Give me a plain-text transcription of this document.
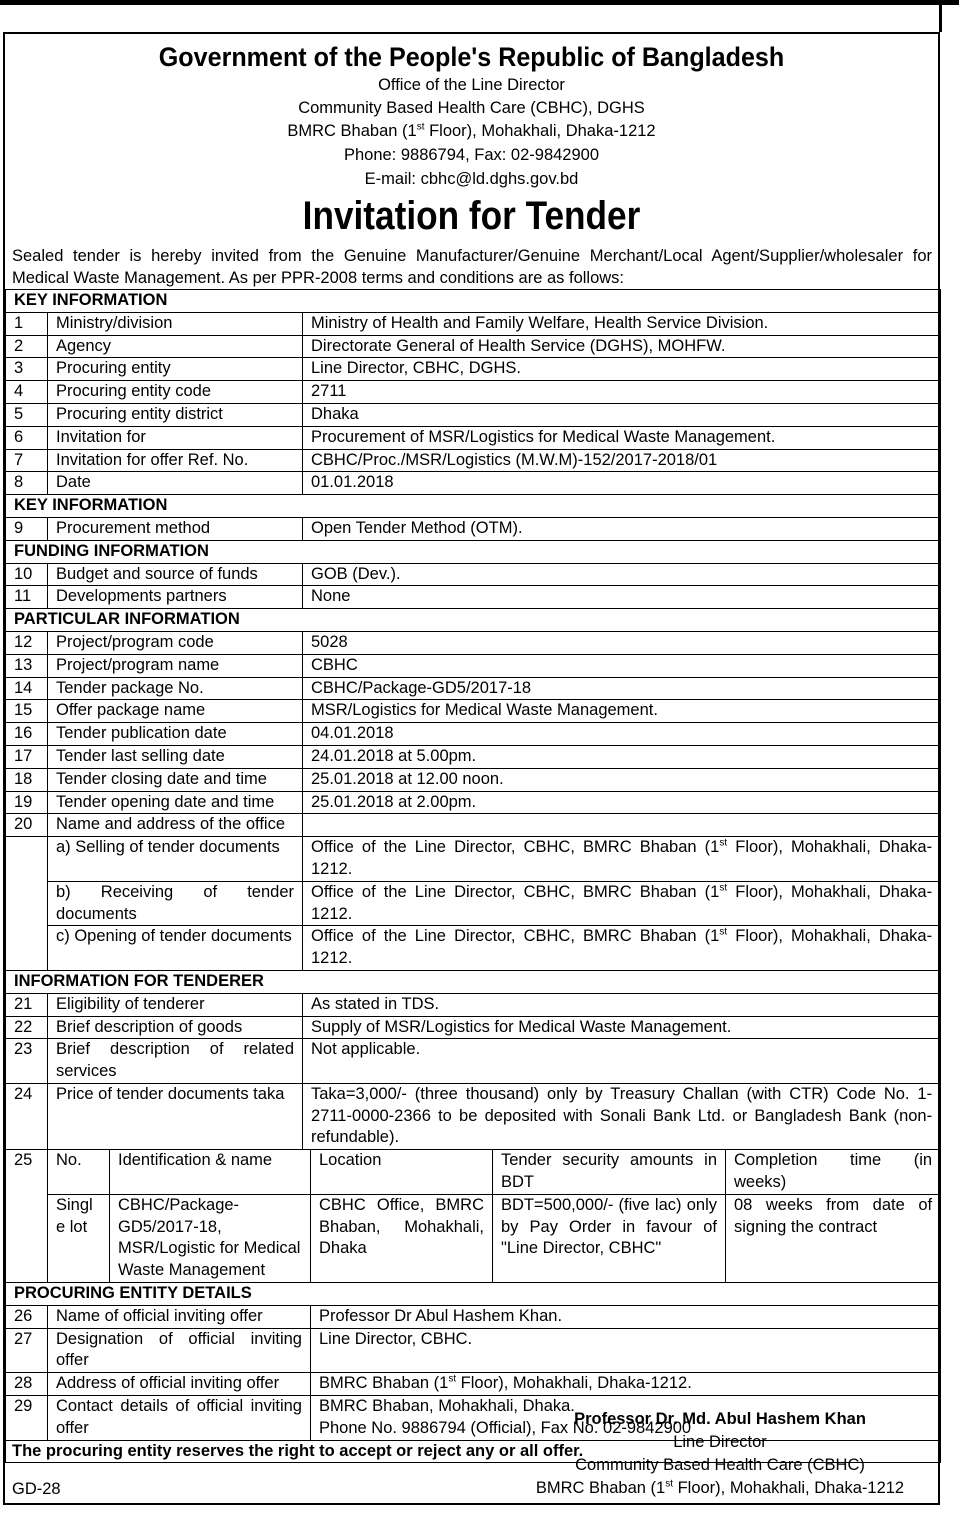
Government of the People's Republic of Bangladesh
Office of the Line Director
Community Based Health Care (CBHC), DGHS
BMRC Bhaban (1st Floor), Mohakhali, Dhaka-1212
Phone: 9886794, Fax: 02-9842900
E-mail: cbhc@ld.dghs.gov.bd
Invitation for Tender
Sealed tender is hereby invited from the Genuine Manufacturer/Genuine Merchant/Local Agent/Supplier/wholesaler for Medical Waste Management. As per PPR-2008 terms and conditions are as follows:
KEY INFORMATION						
1	Ministry/division		Ministry of Health and Family Welfare, Health Service Division.			
2	Agency		Directorate General of Health Service (DGHS), MOHFW.			
3	Procuring entity		Line Director, CBHC, DGHS.			
4	Procuring entity code		2711			
5	Procuring entity district		Dhaka			
6	Invitation for		Procurement of MSR/Logistics for Medical Waste Management.			
7	Invitation for offer Ref. No.		CBHC/Proc./MSR/Logistics (M.W.M)-152/2017-2018/01			
8	Date		01.01.2018			
KEY INFORMATION						
9	Procurement method		Open Tender Method (OTM).			
FUNDING INFORMATION						
10	Budget and source of funds		GOB (Dev.).			
11	Developments partners		None			
PARTICULAR INFORMATION						
12	Project/program code		5028			
13	Project/program name		CBHC			
14	Tender package No.		CBHC/Package-GD5/2017-18			
15	Offer package name		MSR/Logistics for Medical Waste Management.			
16	Tender publication date		04.01.2018			
17	Tender last selling date		24.01.2018 at 5.00pm.			
18	Tender closing date and time		25.01.2018 at 12.00 noon.			
19	Tender opening date and time		25.01.2018 at 2.00pm.			
20	Name and address of the office					
	a) Selling of tender documents		Office of the Line Director, CBHC, BMRC Bhaban (1st Floor), Mohakhali, Dhaka-1212.			
	b) Receiving of tender documents		Office of the Line Director, CBHC, BMRC Bhaban (1st Floor), Mohakhali, Dhaka-1212.			
	c) Opening of tender documents		Office of the Line Director, CBHC, BMRC Bhaban (1st Floor), Mohakhali, Dhaka-1212.			
INFORMATION FOR TENDERER						
21	Eligibility of tenderer		As stated in TDS.			
22	Brief description of goods		Supply of MSR/Logistics for Medical Waste Management.			
23	Brief description of related services		Not applicable.			
24	Price of tender documents taka		Taka=3,000/- (three thousand) only by Treasury Challan (with CTR) Code No. 1-2711-0000-2366 to be deposited with Sonali Bank Ltd. or Bangladesh Bank (non-refundable).			
25	No.	Identification & name		Location	Tender security amounts in BDT	Completion time (in weeks)
	Single lot	CBHC/Package-GD5/2017-18, MSR/Logistic for Medical Waste Management		CBHC Office, BMRC Bhaban, Mohakhali, Dhaka	BDT=500,000/- (five lac) only by Pay Order in favour of "Line Director, CBHC"	08 weeks from date of signing the contract
PROCURING ENTITY DETAILS						
26	Name of official inviting offer			Professor Dr Abul Hashem Khan.		
27	Designation of official inviting offer			Line Director, CBHC.		
28	Address of official inviting offer			BMRC Bhaban (1st Floor), Mohakhali, Dhaka-1212.		
29	Contact details of official inviting offer			BMRC Bhaban, Mohakhali, Dhaka.
Phone No. 9886794 (Official), Fax No. 02-9842900		

The procuring entity reserves the right to accept or reject any or all offer.						
Professor Dr. Md. Abul Hashem Khan
Line Director
Community Based Health Care (CBHC)
BMRC Bhaban (1st Floor), Mohakhali, Dhaka-1212
GD-28
